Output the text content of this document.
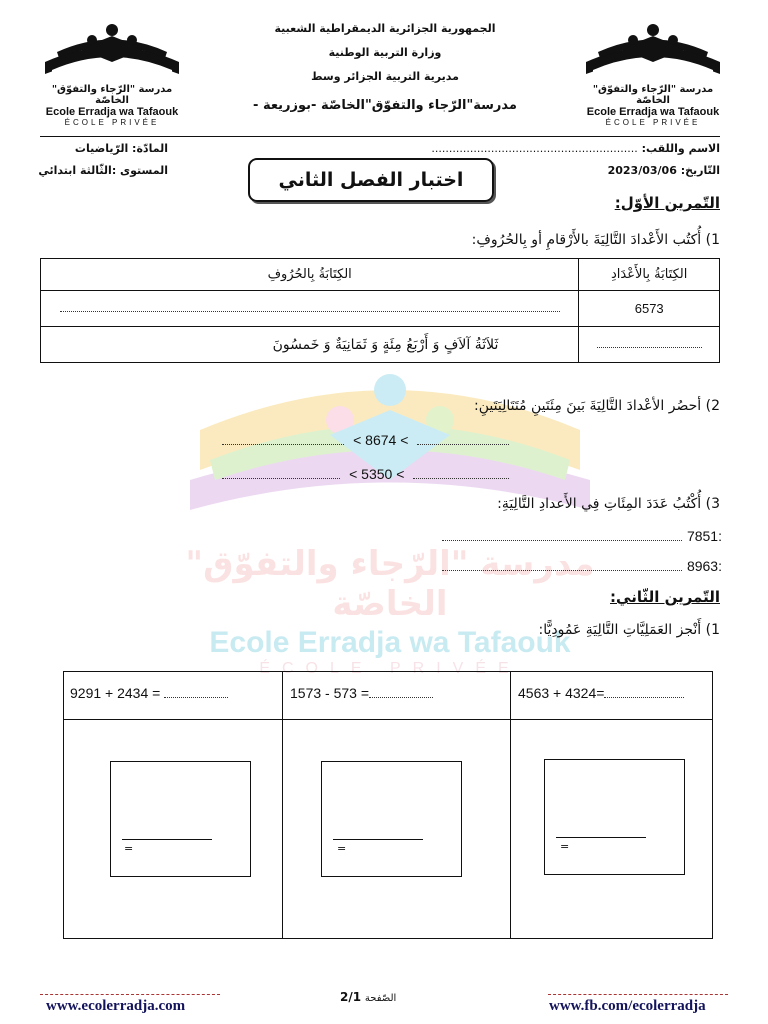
مدرسة "الرّجاء والتفوّق" الخاصّة
Ecole Erradja wa Tafaouk
ÉCOLE PRIVÉE
مدرسة "الرّجاء والتفوّق" الخاصّة
Ecole Erradja wa Tafaouk
ÉCOLE PRIVÉE
مدرسة "الرّجاء والتفوّق" الخاصّة
Ecole Erradja wa Tafaouk
ÉCOLE PRIVÉE
الجمهورية الجزائرية الديمقراطية الشعبية
وزارة التربية الوطنية
مديرية التربية الجزائر وسط
مدرسة"الرّجاء والتفوّق"الخاصّة -بوزريعة -
الاسم واللقب: ...........................................................
المادّة: الرّياضيات
التّاريخ: 2023/03/06
المستوى :الثّالثة ابتدائي	اختبار الفصل الثاني
التّمرين الأوّل:
1) أُكتُب الأَعْدادَ التَّالِيَةَ بالأَرْقامِ أو بِالحُرُوفِ:
الكِتَابَةُ بِالحُرُوفِ	الكِتَابَةُ بِالأَعْدَادِ
	6573
ثَلاَثَةُ آلاَفٍ وَ أَرْبَعُ مِئَةٍ وَ ثَمَانِيَةٌ وَ خَمسُونَ	
2) أحصُر الأعْدادَ التَّالِيَةَ بَينَ مِئَتَينِ مُتَتَالِيَتَينِ:
< 8674 <
< 5350 <
3) أُكْتُبُ عَدَدَ المِئَاتِ فِي الأَعدادِ التَّالِيَةِ:
7851:
8963:
التّمرين الثّاني:
1) أَنْجز العَمَلِيَّاتِ التَّالِيَةِ عَمُودِيًّا:
9291 + 2434 =	1573 - 573 =	4563 + 4324=
=	=	=
www.ecolerradja.com
2/1 الصّفحة	www.fb.com/ecolerradja
